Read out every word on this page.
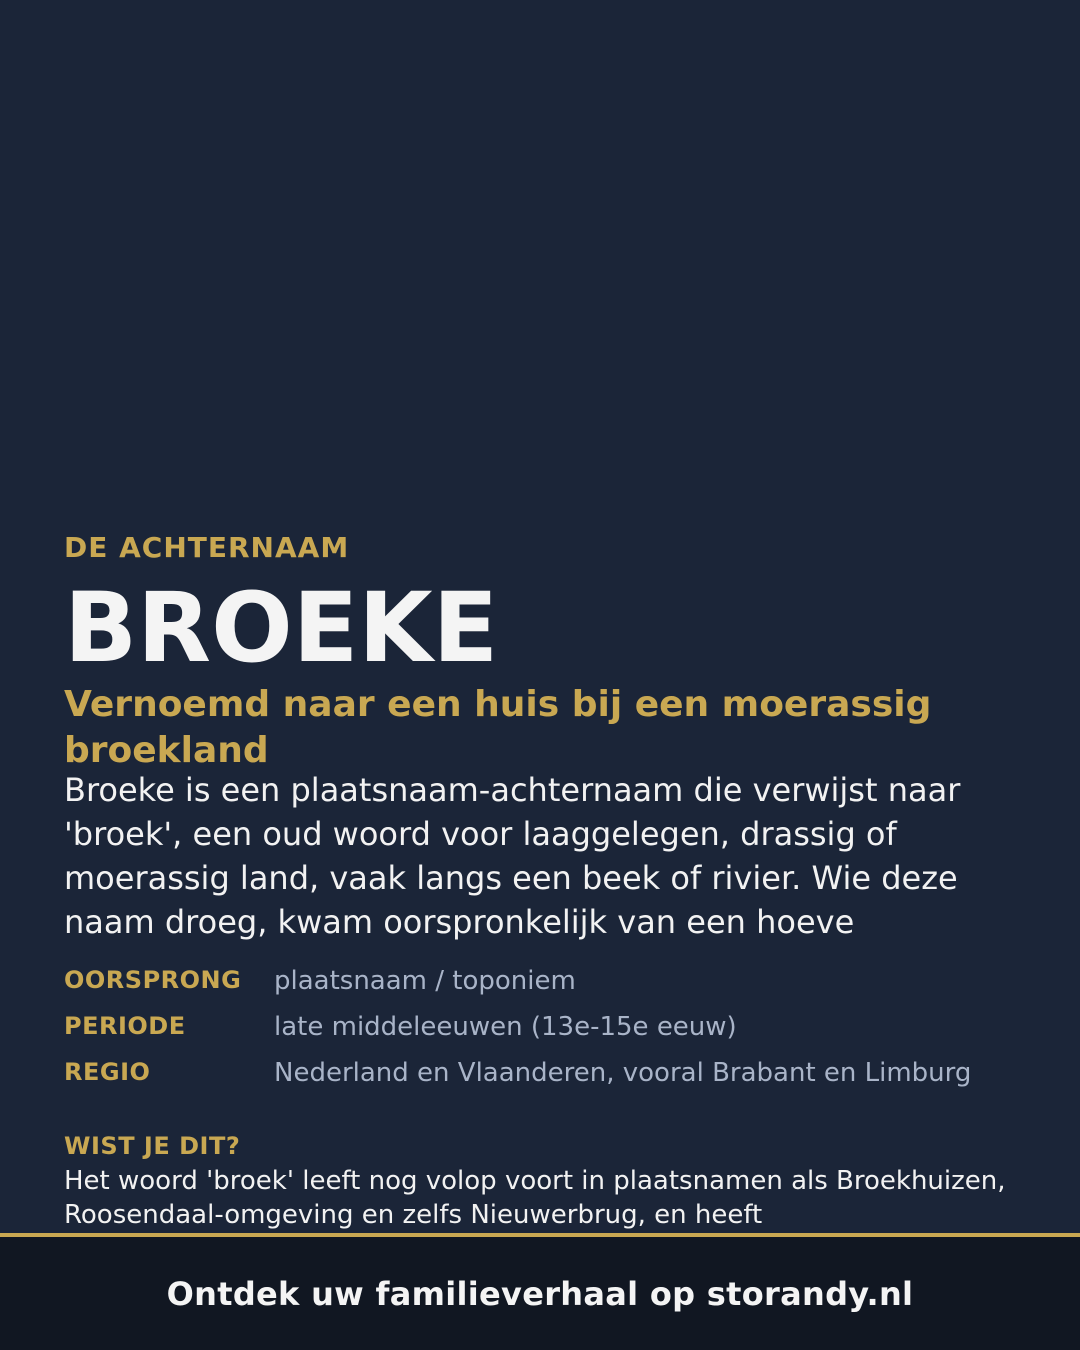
DE ACHTERNAAM

BROEKE
Vernoemd naar een huis bij een moerassig broekland

Broeke is een plaatsnaam-achternaam die verwijst naar 'broek', een oud woord voor laaggelegen, drassig of moerassig land, vaak langs een beek of rivier. Wie deze naam droeg, kwam oorspronkelijk van een hoeve

OORSPRONG	plaatsnaam / toponiem
PERIODE	late middeleeuwen (13e-15e eeuw)
REGIO	Nederland en Vlaanderen, vooral Brabant en Limburg

WIST JE DIT?

Het woord 'broek' leeft nog volop voort in plaatsnamen als Broekhuizen, Roosendaal-omgeving en zelfs Nieuwerbrug, en heeft

Ontdek uw familieverhaal op storandy.nl
